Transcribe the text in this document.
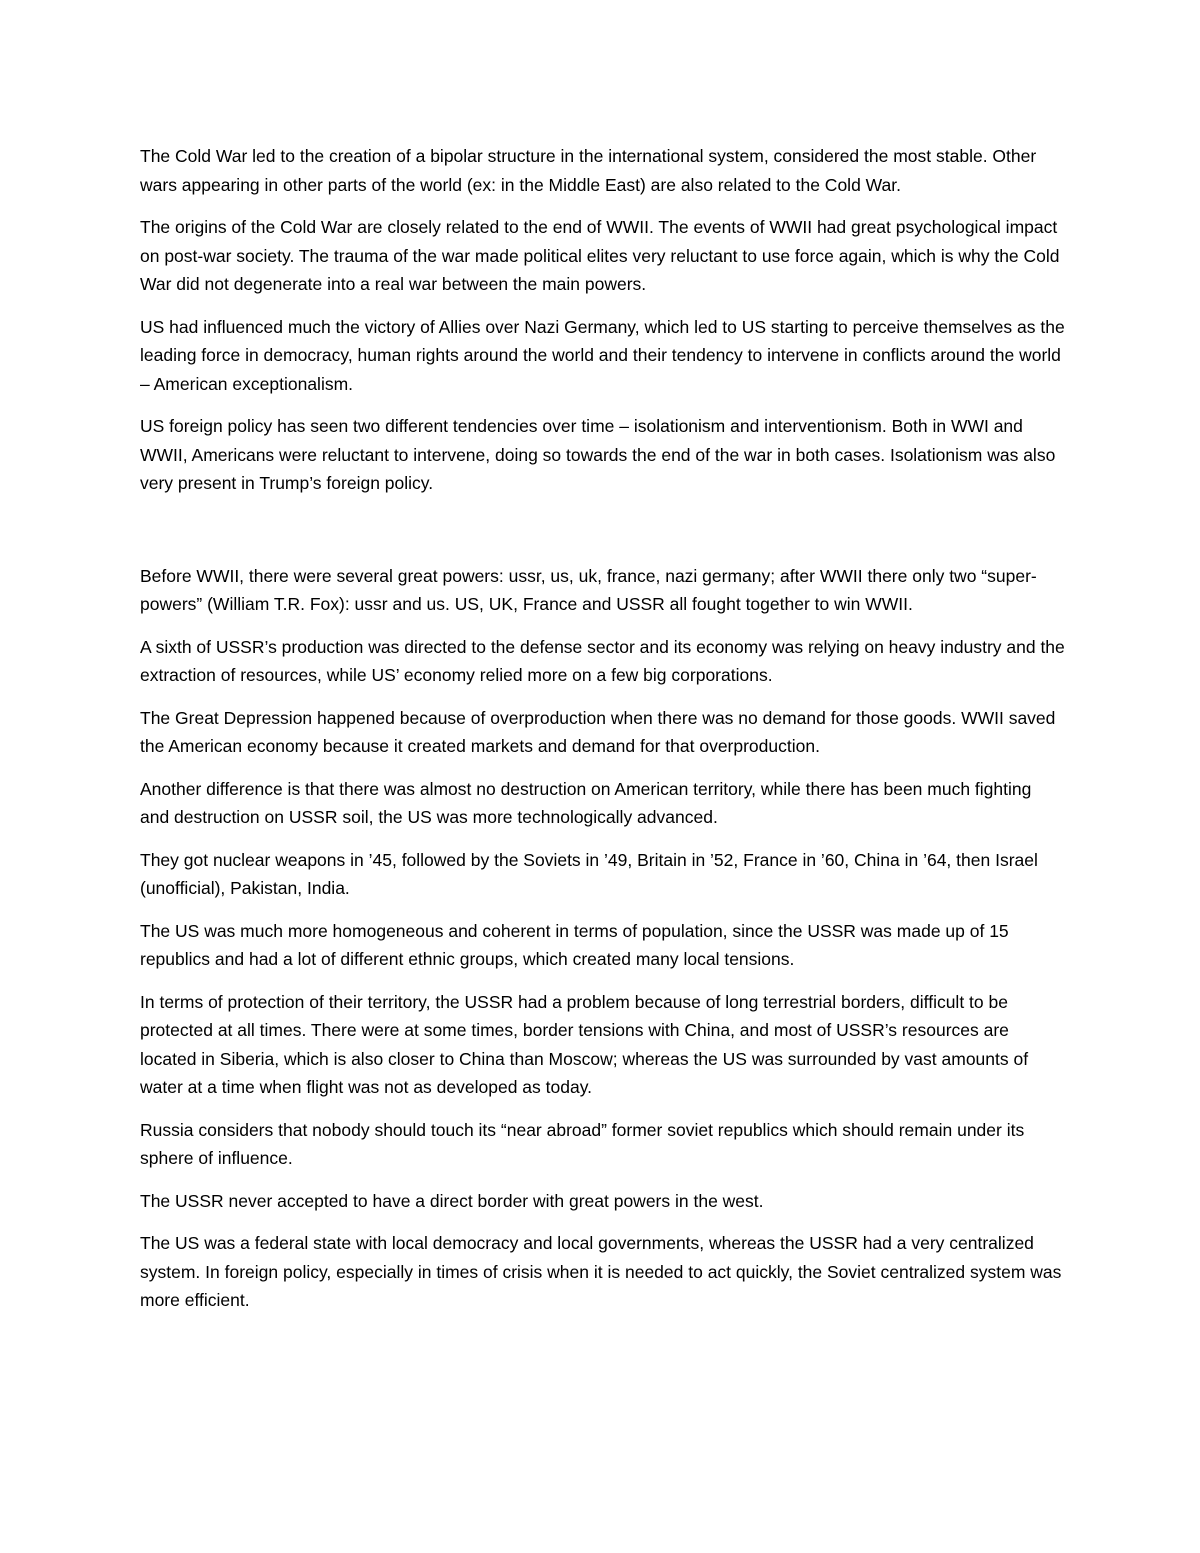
The Cold War led to the creation of a bipolar structure in the international system, considered the most stable. Other wars appearing in other parts of the world (ex: in the Middle East) are also related to the Cold War.

The origins of the Cold War are closely related to the end of WWII. The events of WWII had great psychological impact on post-war society. The trauma of the war made political elites very reluctant to use force again, which is why the Cold War did not degenerate into a real war between the main powers.

US had influenced much the victory of Allies over Nazi Germany, which led to US starting to perceive themselves as the leading force in democracy, human rights around the world and their tendency to intervene in conflicts around the world – American exceptionalism.

US foreign policy has seen two different tendencies over time – isolationism and interventionism. Both in WWI and WWII, Americans were reluctant to intervene, doing so towards the end of the war in both cases. Isolationism was also very present in Trump’s foreign policy.

Before WWII, there were several great powers: ussr, us, uk, france, nazi germany; after WWII there only two “super-powers” (William T.R. Fox): ussr and us. US, UK, France and USSR all fought together to win WWII.

A sixth of USSR’s production was directed to the defense sector and its economy was relying on heavy industry and the extraction of resources, while US’ economy relied more on a few big corporations.

The Great Depression happened because of overproduction when there was no demand for those goods. WWII saved the American economy because it created markets and demand for that overproduction.

Another difference is that there was almost no destruction on American territory, while there has been much fighting and destruction on USSR soil, the US was more technologically advanced.

They got nuclear weapons in ’45, followed by the Soviets in ’49, Britain in ’52, France in ’60, China in ’64, then Israel (unofficial), Pakistan, India.

The US was much more homogeneous and coherent in terms of population, since the USSR was made up of 15 republics and had a lot of different ethnic groups, which created many local tensions.

In terms of protection of their territory, the USSR had a problem because of long terrestrial borders, difficult to be protected at all times. There were at some times, border tensions with China, and most of USSR’s resources are located in Siberia, which is also closer to China than Moscow; whereas the US was surrounded by vast amounts of water at a time when flight was not as developed as today.

Russia considers that nobody should touch its “near abroad” former soviet republics which should remain under its sphere of influence.

The USSR never accepted to have a direct border with great powers in the west.

The US was a federal state with local democracy and local governments, whereas the USSR had a very centralized system. In foreign policy, especially in times of crisis when it is needed to act quickly, the Soviet centralized system was more efficient.
